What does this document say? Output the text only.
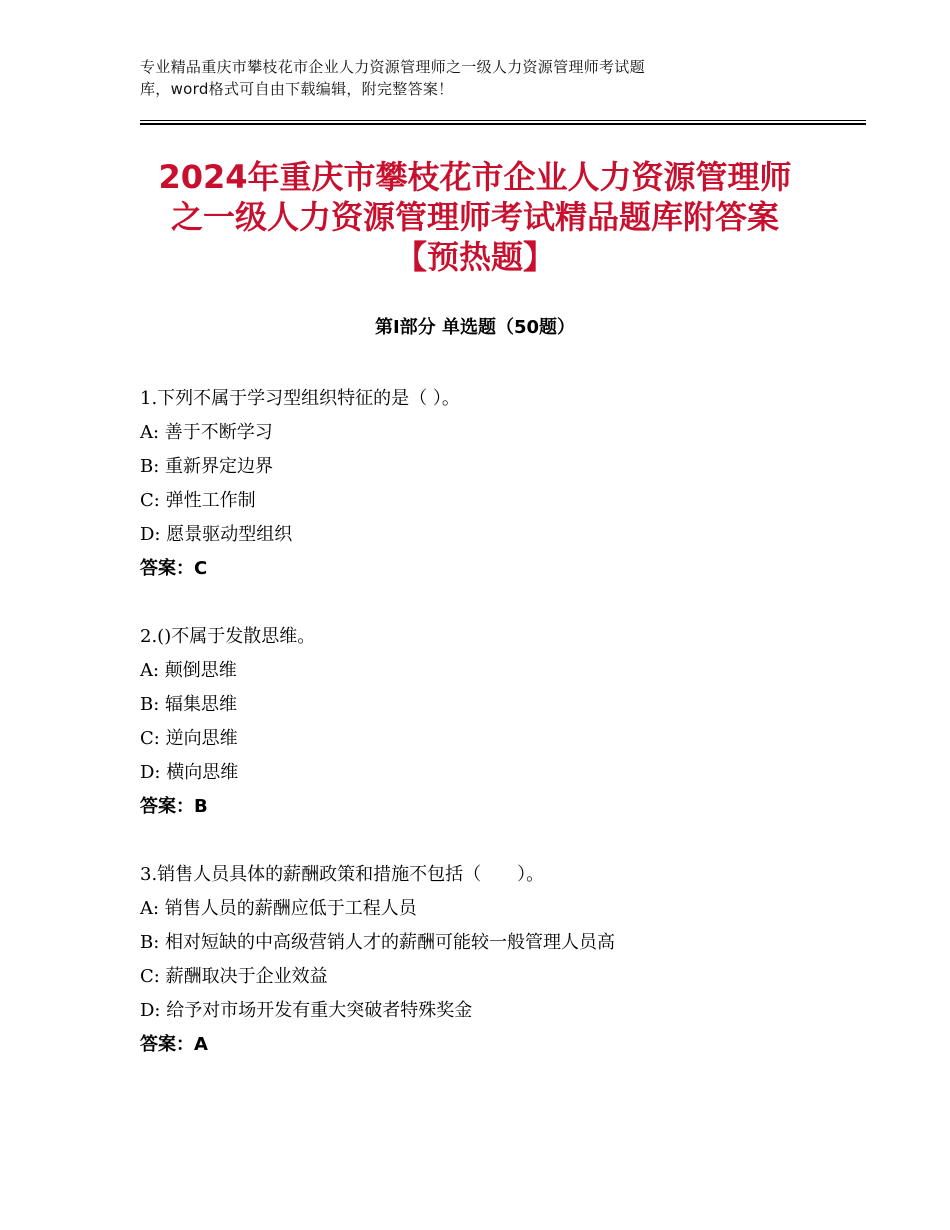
专业精品重庆市攀枝花市企业人力资源管理师之一级人力资源管理师考试题
库，word格式可自由下载编辑，附完整答案！
2024年重庆市攀枝花市企业人力资源管理师
之一级人力资源管理师考试精品题库附答案
【预热题】
第Ⅰ部分 单选题（50题）
1.下列不属于学习型组织特征的是（ ）。
A: 善于不断学习
B: 重新界定边界
C: 弹性工作制
D: 愿景驱动型组织
答案：C
2.()不属于发散思维。
A: 颠倒思维
B: 辐集思维
C: 逆向思维
D: 横向思维
答案：B
3.销售人员具体的薪酬政策和措施不包括（　　）。
A: 销售人员的薪酬应低于工程人员
B: 相对短缺的中高级营销人才的薪酬可能较一般管理人员高
C: 薪酬取决于企业效益
D: 给予对市场开发有重大突破者特殊奖金
答案：A
